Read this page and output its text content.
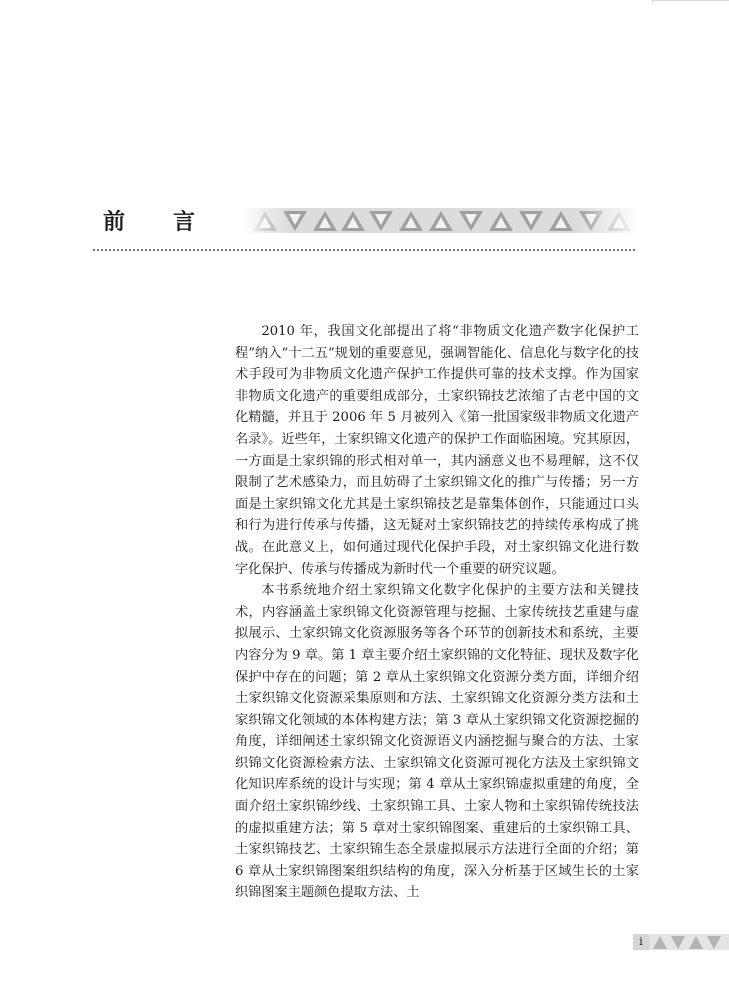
前 言

2010 年，我国文化部提出了将“非物质文化遗产数字化保护工程”纳入“十二五”规划的重要意见，强调智能化、信息化与数字化的技术手段可为非物质文化遗产保护工作提供可靠的技术支撑。作为国家非物质文化遗产的重要组成部分，土家织锦技艺浓缩了古老中国的文化精髓，并且于 2006 年 5 月被列入《第一批国家级非物质文化遗产名录》。近些年，土家织锦文化遗产的保护工作面临困境。究其原因，一方面是土家织锦的形式相对单一，其内涵意义也不易理解，这不仅限制了艺术感染力，而且妨碍了土家织锦文化的推广与传播；另一方面是土家织锦文化尤其是土家织锦技艺是靠集体创作，只能通过口头和行为进行传承与传播，这无疑对土家织锦技艺的持续传承构成了挑战。在此意义上，如何通过现代化保护手段，对土家织锦文化进行数字化保护、传承与传播成为新时代一个重要的研究议题。

本书系统地介绍土家织锦文化数字化保护的主要方法和关键技术，内容涵盖土家织锦文化资源管理与挖掘、土家传统技艺重建与虚拟展示、土家织锦文化资源服务等各个环节的创新技术和系统，主要内容分为 9 章。第 1 章主要介绍土家织锦的文化特征、现状及数字化保护中存在的问题；第 2 章从土家织锦文化资源分类方面，详细介绍土家织锦文化资源采集原则和方法、土家织锦文化资源分类方法和土家织锦文化领域的本体构建方法；第 3 章从土家织锦文化资源挖掘的角度，详细阐述土家织锦文化资源语义内涵挖掘与聚合的方法、土家织锦文化资源检索方法、土家织锦文化资源可视化方法及土家织锦文化知识库系统的设计与实现；第 4 章从土家织锦虚拟重建的角度，全面介绍土家织锦纱线、土家织锦工具、土家人物和土家织锦传统技法的虚拟重建方法；第 5 章对土家织锦图案、重建后的土家织锦工具、土家织锦技艺、土家织锦生态全景虚拟展示方法进行全面的介绍；第 6 章从土家织锦图案组织结构的角度，深入分析基于区域生长的土家织锦图案主题颜色提取方法、土

i
